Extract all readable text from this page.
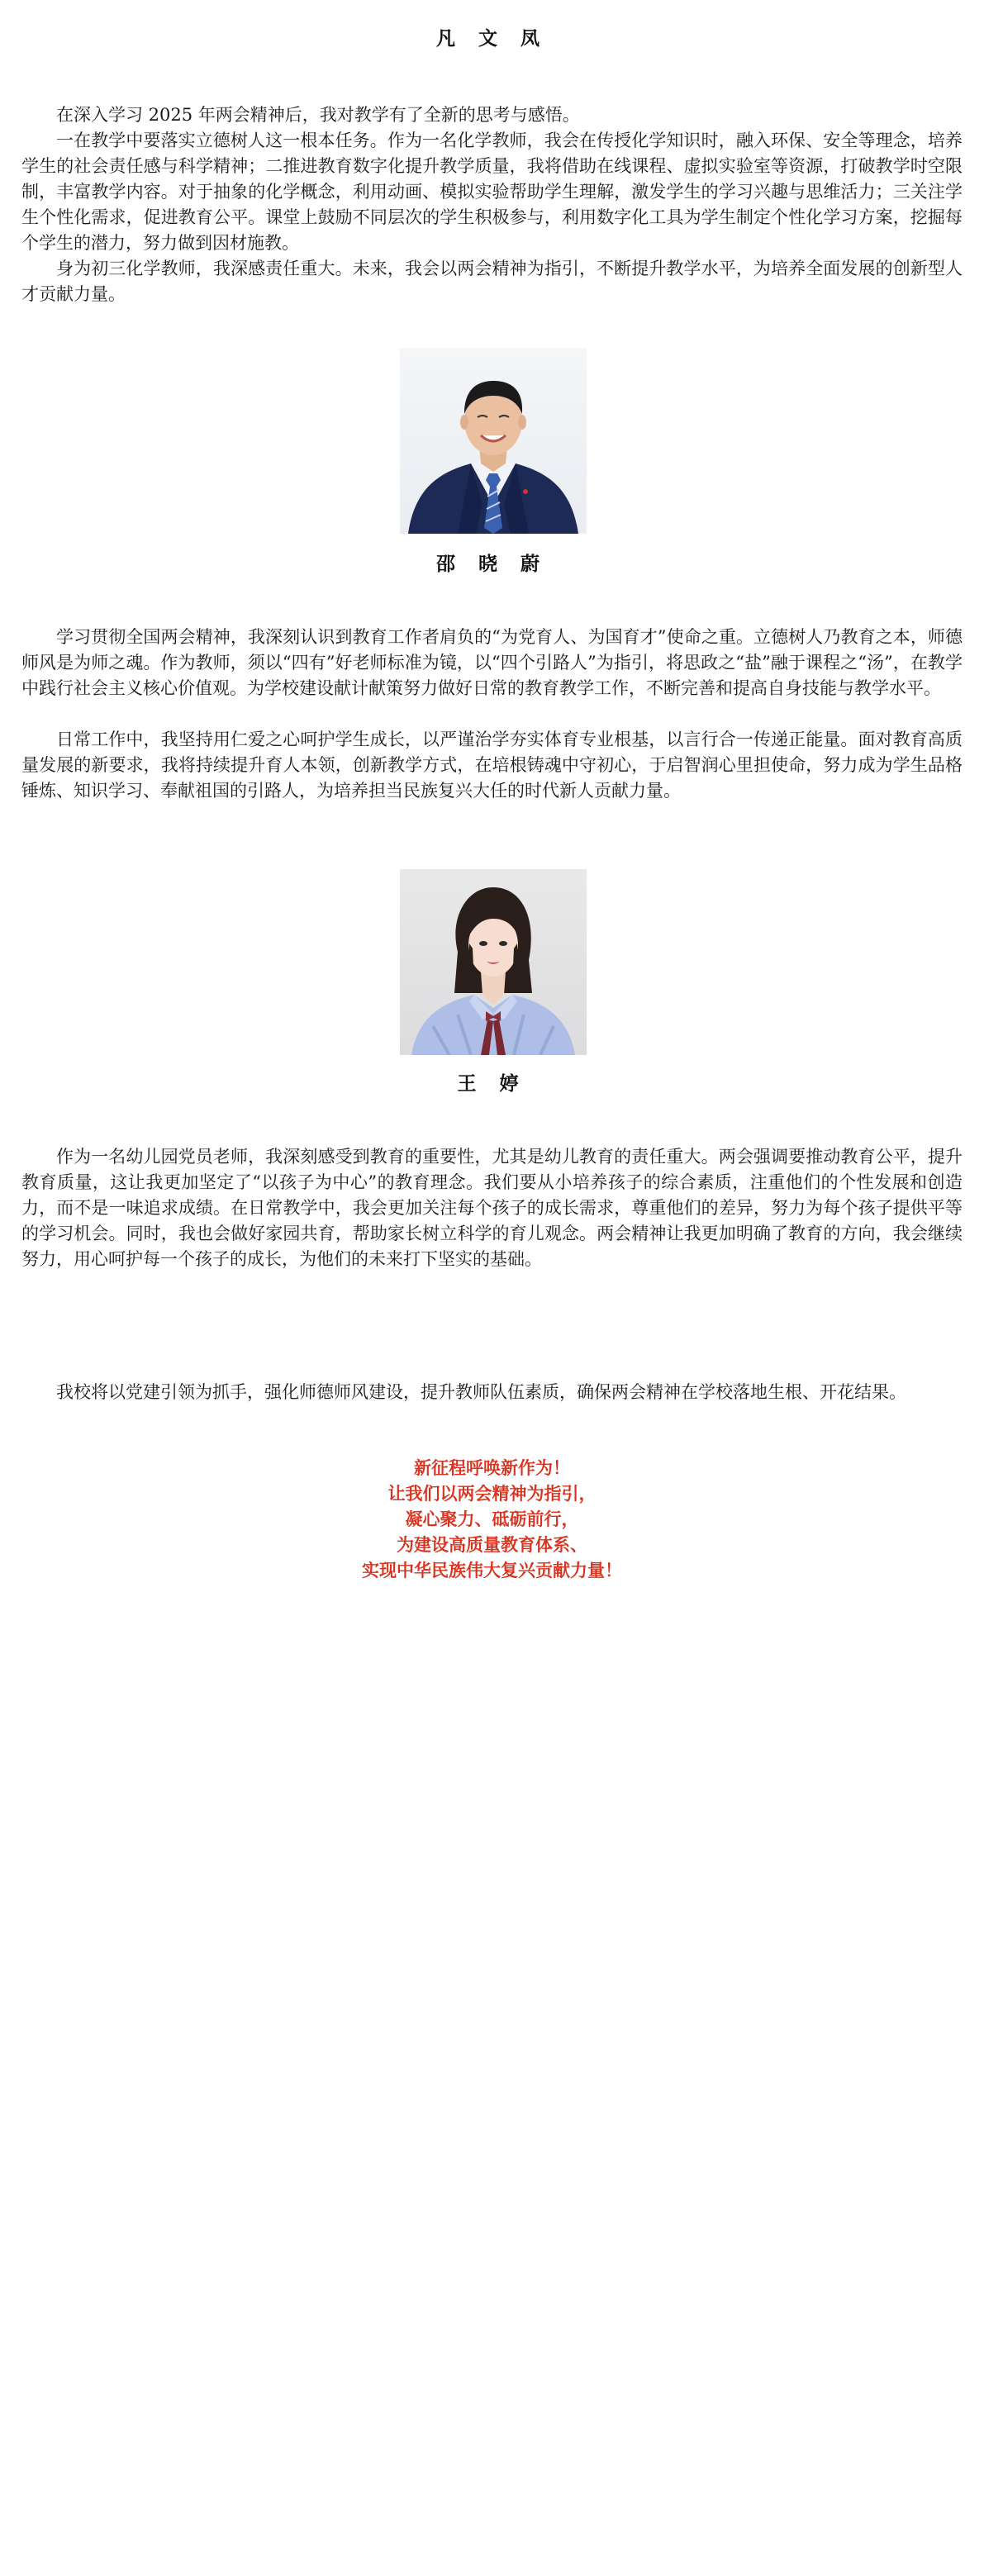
凡 文 凤

在深入学习 2025 年两会精神后，我对教学有了全新的思考与感悟。

一在教学中要落实立德树人这一根本任务。作为一名化学教师，我会在传授化学知识时，融入环保、安全等理念，培养学生的社会责任感与科学精神；二推进教育数字化提升教学质量，我将借助在线课程、虚拟实验室等资源，打破教学时空限制，丰富教学内容。对于抽象的化学概念，利用动画、模拟实验帮助学生理解，激发学生的学习兴趣与思维活力；三关注学生个性化需求，促进教育公平。课堂上鼓励不同层次的学生积极参与，利用数字化工具为学生制定个性化学习方案，挖掘每个学生的潜力，努力做到因材施教。

身为初三化学教师，我深感责任重大。未来，我会以两会精神为指引，不断提升教学水平，为培养全面发展的创新型人才贡献力量。

邵 晓 蔚

学习贯彻全国两会精神，我深刻认识到教育工作者肩负的“为党育人、为国育才”使命之重。立德树人乃教育之本，师德师风是为师之魂。作为教师，须以“四有”好老师标准为镜，以“四个引路人”为指引，将思政之“盐”融于课程之“汤”，在教学中践行社会主义核心价值观。为学校建设献计献策努力做好日常的教育教学工作，不断完善和提高自身技能与教学水平。

日常工作中，我坚持用仁爱之心呵护学生成长，以严谨治学夯实体育专业根基，以言行合一传递正能量。面对教育高质量发展的新要求，我将持续提升育人本领，创新教学方式，在培根铸魂中守初心，于启智润心里担使命，努力成为学生品格锤炼、知识学习、奉献祖国的引路人，为培养担当民族复兴大任的时代新人贡献力量。

王 婷

作为一名幼儿园党员老师，我深刻感受到教育的重要性，尤其是幼儿教育的责任重大。两会强调要推动教育公平，提升教育质量，这让我更加坚定了“以孩子为中心”的教育理念。我们要从小培养孩子的综合素质，注重他们的个性发展和创造力，而不是一味追求成绩。在日常教学中，我会更加关注每个孩子的成长需求，尊重他们的差异，努力为每个孩子提供平等的学习机会。同时，我也会做好家园共育，帮助家长树立科学的育儿观念。两会精神让我更加明确了教育的方向，我会继续努力，用心呵护每一个孩子的成长，为他们的未来打下坚实的基础。

我校将以党建引领为抓手，强化师德师风建设，提升教师队伍素质，确保两会精神在学校落地生根、开花结果。

新征程呼唤新作为！
让我们以两会精神为指引，
凝心聚力、砥砺前行，
为建设高质量教育体系、
实现中华民族伟大复兴贡献力量！
